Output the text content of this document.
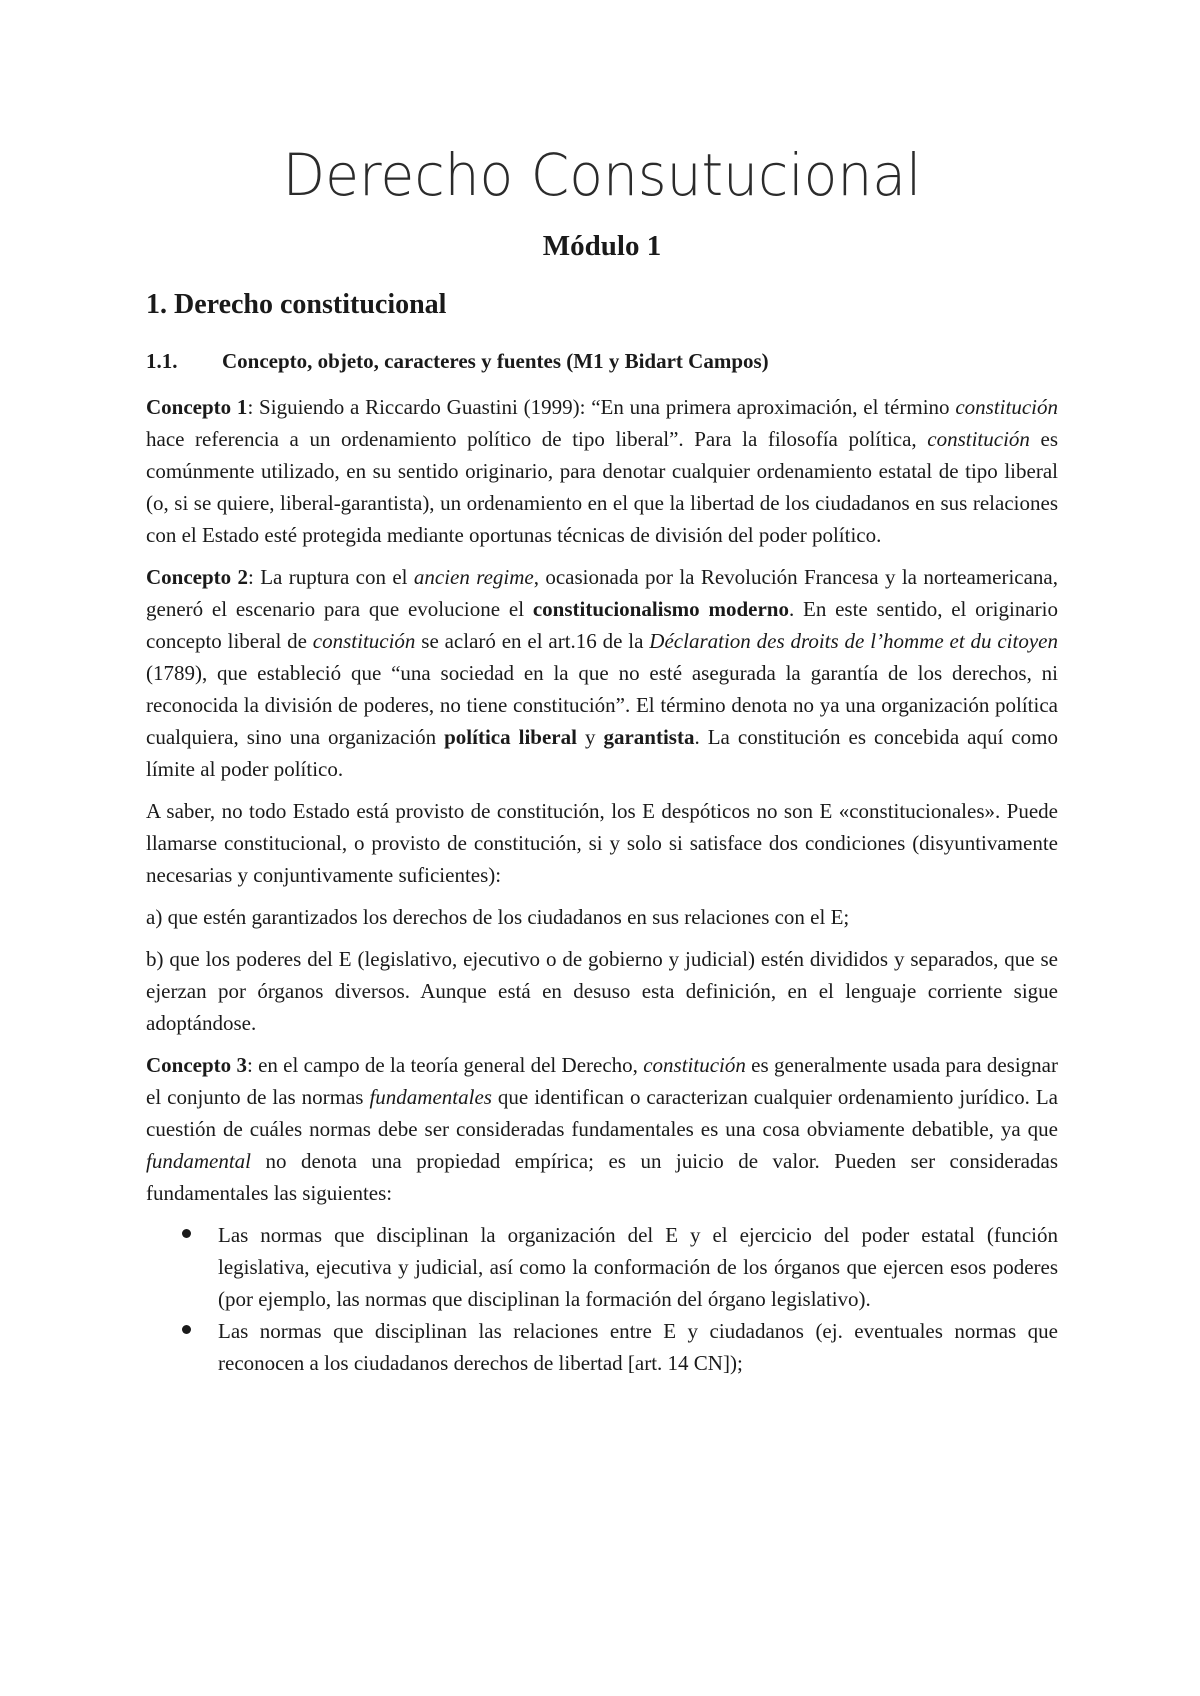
Derecho Consutucional
Módulo 1
1. Derecho constitucional
1.1. Concepto, objeto, caracteres y fuentes (M1 y Bidart Campos)

Concepto 1: Siguiendo a Riccardo Guastini (1999): “En una primera aproximación, el término constitución hace referencia a un ordenamiento político de tipo liberal”. Para la filosofía política, constitución es comúnmente utilizado, en su sentido originario, para denotar cualquier ordenamiento estatal de tipo liberal (o, si se quiere, liberal-garantista), un ordenamiento en el que la libertad de los ciudadanos en sus relaciones con el Estado esté protegida mediante oportunas técnicas de división del poder político.

Concepto 2: La ruptura con el ancien regime, ocasionada por la Revolución Francesa y la norteamericana, generó el escenario para que evolucione el constitucionalismo moderno. En este sentido, el originario concepto liberal de constitución se aclaró en el art.16 de la Déclaration des droits de l’homme et du citoyen (1789), que estableció que “una sociedad en la que no esté asegurada la garantía de los derechos, ni reconocida la división de poderes, no tiene constitución”. El término denota no ya una organización política cualquiera, sino una organización política liberal y garantista. La constitución es concebida aquí como límite al poder político.

A saber, no todo Estado está provisto de constitución, los E despóticos no son E «constitucionales». Puede llamarse constitucional, o provisto de constitución, si y solo si satisface dos condiciones (disyuntivamente necesarias y conjuntivamente suficientes):

a) que estén garantizados los derechos de los ciudadanos en sus relaciones con el E;

b) que los poderes del E (legislativo, ejecutivo o de gobierno y judicial) estén divididos y separados, que se ejerzan por órganos diversos. Aunque está en desuso esta definición, en el lenguaje corriente sigue adoptándose.

Concepto 3: en el campo de la teoría general del Derecho, constitución es generalmente usada para designar el conjunto de las normas fundamentales que identifican o caracterizan cualquier ordenamiento jurídico. La cuestión de cuáles normas debe ser consideradas fundamentales es una cosa obviamente debatible, ya que fundamental no denota una propiedad empírica; es un juicio de valor. Pueden ser consideradas fundamentales las siguientes:

Las normas que disciplinan la organización del E y el ejercicio del poder estatal (función legislativa, ejecutiva y judicial, así como la conformación de los órganos que ejercen esos poderes (por ejemplo, las normas que disciplinan la formación del órgano legislativo).
Las normas que disciplinan las relaciones entre E y ciudadanos (ej. eventuales normas que reconocen a los ciudadanos derechos de libertad [art. 14 CN]);
